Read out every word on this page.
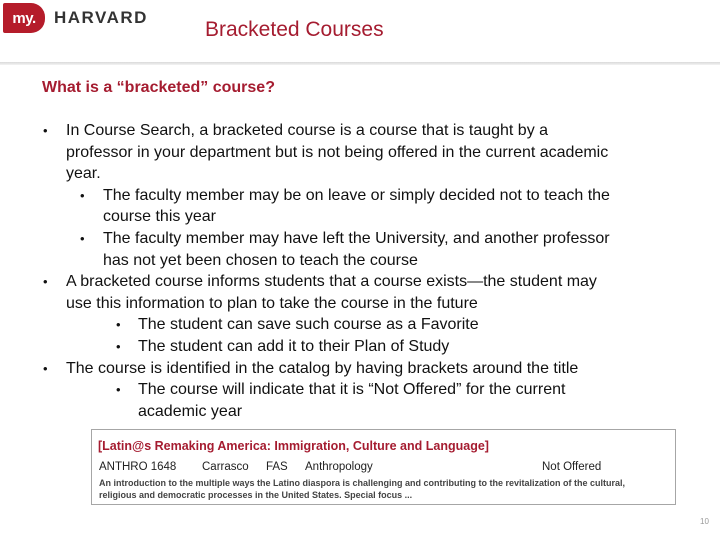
my.	HARVARD
Bracketed Courses
What is a “bracketed” course?
• In Course Search, a bracketed course is a course that is taught by a
professor in your department but is not being offered in the current academic
year.
• The faculty member may be on leave or simply decided not to teach the
course this year
• The faculty member may have left the University, and another professor
has not yet been chosen to teach the course
• A bracketed course informs students that a course exists—the student may
use this information to plan to take the course in the future
• The student can save such course as a Favorite
• The student can add it to their Plan of Study
• The course is identified in the catalog by having brackets around the title
• The course will indicate that it is “Not Offered” for the current
academic year
[Latin@s Remaking America: Immigration, Culture and Language]
ANTHRO 1648 Carrasco FAS Anthropology	Not Offered
An introduction to the multiple ways the Latino diaspora is challenging and contributing to the revitalization of the cultural, religious and democratic processes in the United States. Special focus ...
10
